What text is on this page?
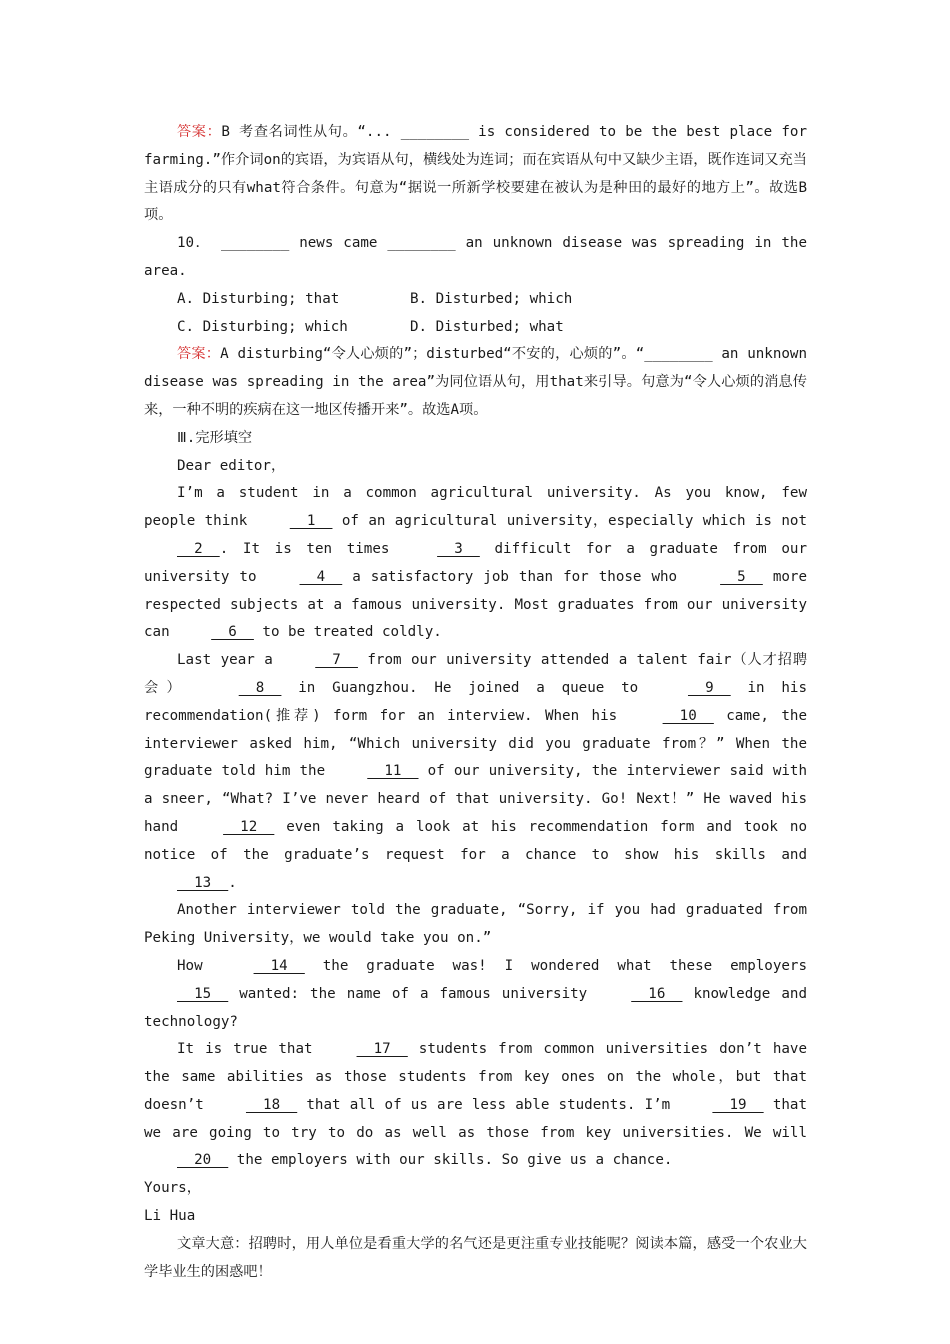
答案：B 考查名词性从句。“... ________ is considered to be the best place for farming.”作介词on的宾语，为宾语从句，横线处为连词；而在宾语从句中又缺少主语，既作连词又充当主语成分的只有what符合条件。句意为“据说一所新学校要建在被认为是种田的最好的地方上”。故选B项。

10． ________ news came ________ an unknown disease was spreading in the area.

A. Disturbing; that	B. Disturbed; which
C. Disturbing; which	D. Disturbed; what

答案：A disturbing“令人心烦的”；disturbed“不安的，心烦的”。“________ an unknown disease was spreading in the area”为同位语从句，用that来引导。句意为“令人心烦的消息传来，一种不明的疾病在这一地区传播开来”。故选A项。

Ⅲ.完形填空

Dear editor，

I’m a student in a common agricultural university. As you know, few people think   1   of an agricultural university，especially which is not   2  . It is ten times   3   difficult for a graduate from our university to   4   a satisfactory job than for those who   5   more respected subjects at a famous university. Most graduates from our university can   6   to be treated coldly.

Last year a   7   from our university attended a talent fair（人才招聘会）   8   in Guangzhou. He joined a queue to   9   in his recommendation(推荐) form for an interview. When his   10   came, the interviewer asked him, “Which university did you graduate from？” When the graduate told him the   11   of our university, the interviewer said with a sneer, “What? I’ve never heard of that university. Go! Next！” He waved his hand   12   even taking a look at his recommendation form and took no notice of the graduate’s request for a chance to show his skills and   13  .

Another interviewer told the graduate, “Sorry, if you had graduated from Peking University，we would take you on.”

How   14   the graduate was! I wondered what these employers   15   wanted: the name of a famous university   16   knowledge and technology?

It is true that   17   students from common universities don’t have the same abilities as those students from key ones on the whole，but that doesn’t   18   that all of us are less able students. I’m   19   that we are going to try to do as well as those from key universities. We will   20   the employers with our skills. So give us a chance.

Yours，

Li Hua

文章大意：招聘时，用人单位是看重大学的名气还是更注重专业技能呢？阅读本篇，感受一个农业大学毕业生的困惑吧！
